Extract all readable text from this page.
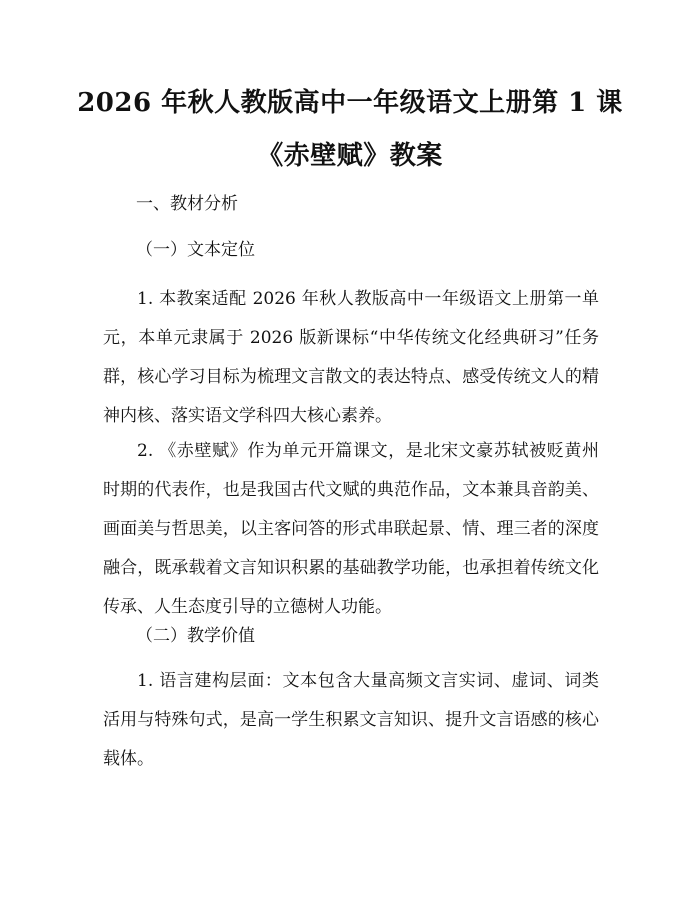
2026 年秋人教版高中一年级语文上册第 1 课
《赤壁赋》教案
一、教材分析
（一）文本定位

1. 本教案适配 2026 年秋人教版高中一年级语文上册第一单元，本单元隶属于 2026 版新课标“中华传统文化经典研习”任务群，核心学习目标为梳理文言散文的表达特点、感受传统文人的精神内核、落实语文学科四大核心素养。

2. 《赤壁赋》作为单元开篇课文，是北宋文豪苏轼被贬黄州时期的代表作，也是我国古代文赋的典范作品，文本兼具音韵美、画面美与哲思美，以主客问答的形式串联起景、情、理三者的深度融合，既承载着文言知识积累的基础教学功能，也承担着传统文化传承、人生态度引导的立德树人功能。

（二）教学价值

1. 语言建构层面：文本包含大量高频文言实词、虚词、词类活用与特殊句式，是高一学生积累文言知识、提升文言语感的核心载体。
